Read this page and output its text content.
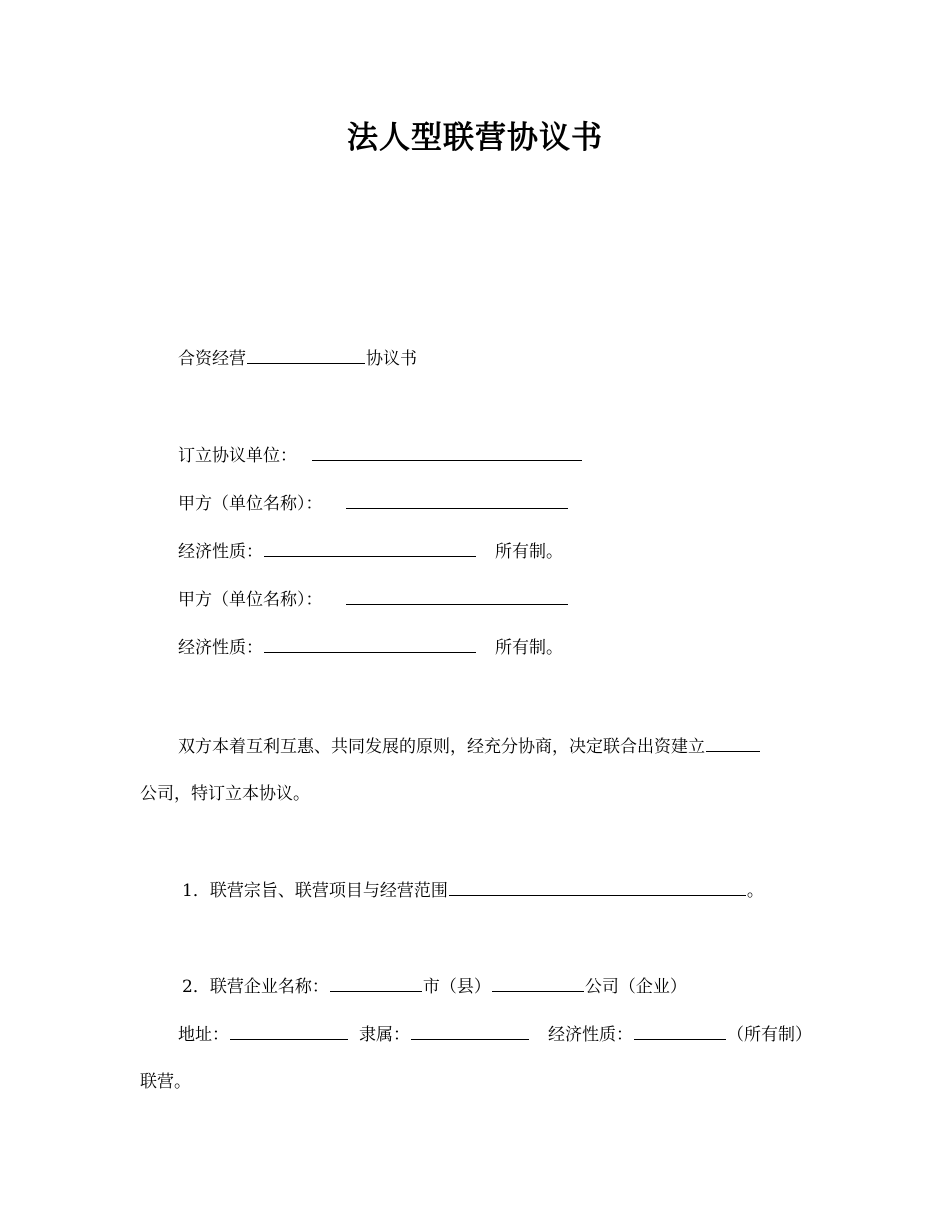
法人型联营协议书
合资经营	协议书
订立协议单位：
甲方（单位名称）：
经济性质：	所有制。
甲方（单位名称）：
经济性质：	所有制。
双方本着互利互惠、共同发展的原则，经充分协商，决定联合出资建立
公司，特订立本协议。
1．联营宗旨、联营项目与经营范围	。
2．联营企业名称：	市（县）	公司（企业）
地址：	隶属：	经济性质：	（所有制）
联营。
